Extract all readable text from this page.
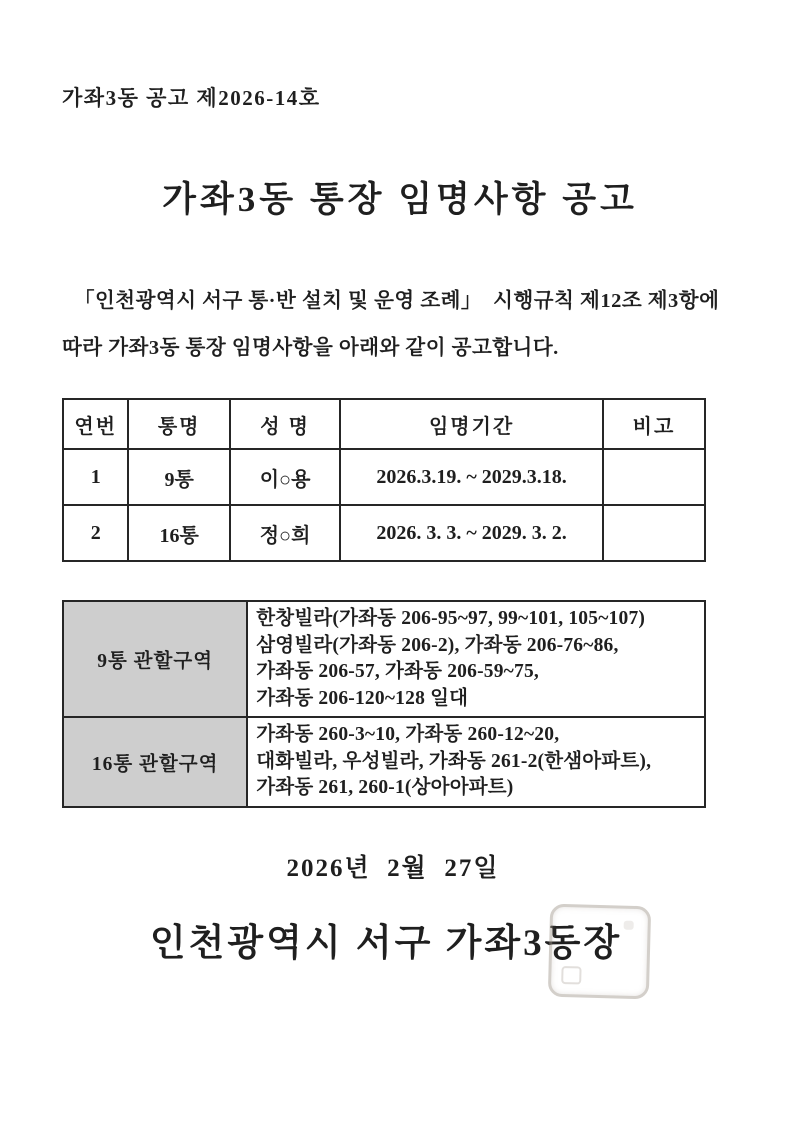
가좌3동 공고 제2026-14호
가좌3동 통장 임명사항 공고
「인천광역시 서구 통·반 설치 및 운영 조례」  시행규칙 제12조 제3항에
따라 가좌3동 통장 임명사항을 아래와 같이 공고합니다.
연번	통명	성 명	임명기간	비고
1	9통	이○용	2026.3.19. ~ 2029.3.18.	
2	16통	정○희	2026. 3. 3. ~ 2029. 3. 2.	
9통 관할구역	한창빌라(가좌동 206-95~97, 99~101, 105~107)
삼영빌라(가좌동 206-2), 가좌동 206-76~86,
가좌동 206-57, 가좌동 206-59~75,
가좌동 206-120~128 일대

16통 관할구역	가좌동 260-3~10, 가좌동 260-12~20,
대화빌라, 우성빌라, 가좌동 261-2(한샘아파트),
가좌동 261, 260-1(상아아파트)
2026년  2월  27일
인천광역시 서구 가좌3동장
